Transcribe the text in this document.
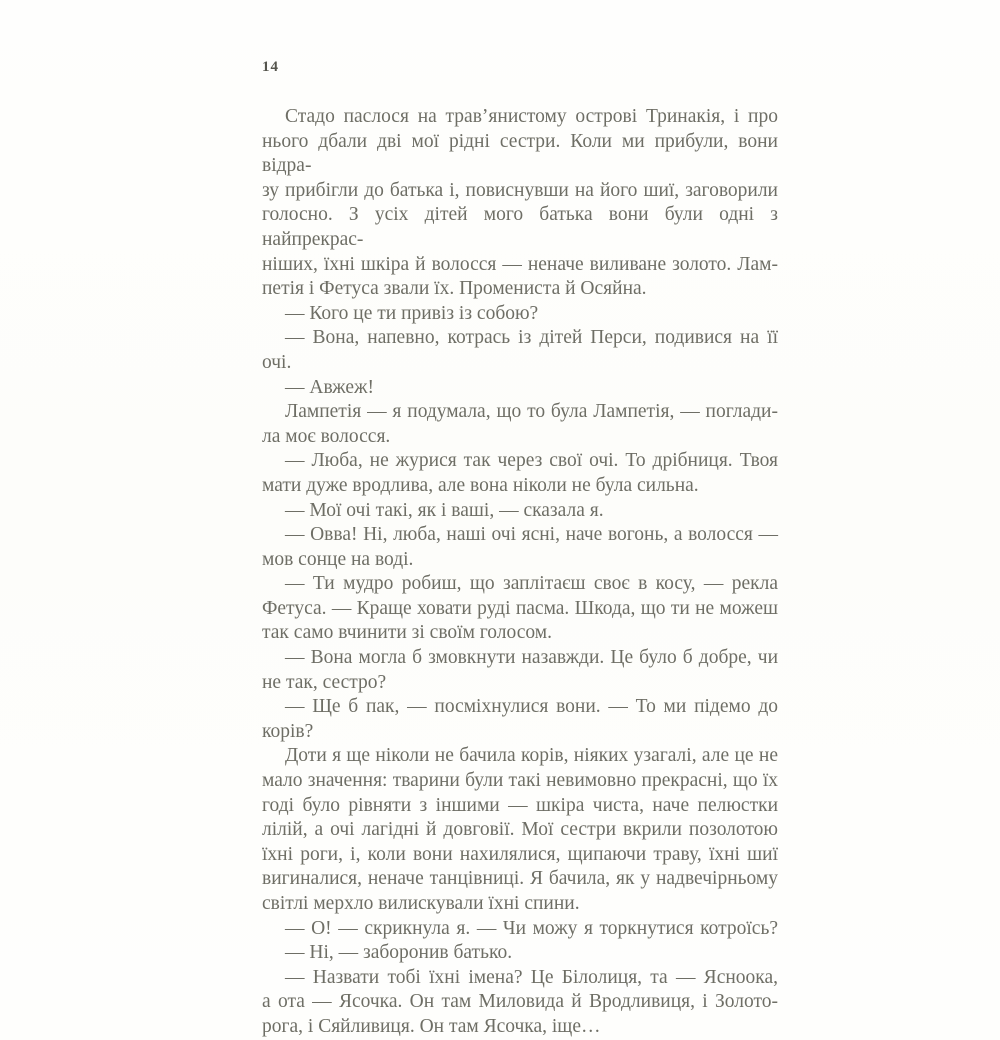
14

Стадо паслося на трав’янистому острові Тринакія, і про
нього дбали дві мої рідні сестри. Коли ми прибули, вони відра-
зу прибігли до батька і, повиснувши на його шиї, заговорили
голосно. З усіх дітей мого батька вони були одні з найпрекрас-
ніших, їхні шкіра й волосся — неначе виливане золото. Лам-
петія і Фетуса звали їх. Промениста й Осяйна.

— Кого це ти привіз із собою?

— Вона, напевно, котрась із дітей Перси, подивися на її очі.

— Авжеж!

Лампетія — я подумала, що то була Лампетія, — поглади-
ла моє волосся.

— Люба, не журися так через свої очі. То дрібниця. Твоя
мати дуже вродлива, але вона ніколи не була сильна.

— Мої очі такі, як і ваші, — сказала я.

— Овва! Ні, люба, наші очі ясні, наче вогонь, а волосся —
мов сонце на воді.

— Ти мудро робиш, що заплітаєш своє в косу, — рекла
Фетуса. — Краще ховати руді пасма. Шкода, що ти не можеш
так само вчинити зі своїм голосом.

— Вона могла б змовкнути назавжди. Це було б добре, чи
не так, сестро?

— Ще б пак, — посміхнулися вони. — То ми підемо до корів?

Доти я ще ніколи не бачила корів, ніяких узагалі, але це не
мало значення: тварини були такі невимовно прекрасні, що їх
годі було рівняти з іншими — шкіра чиста, наче пелюстки
лілій, а очі лагідні й довговії. Мої сестри вкрили позолотою
їхні роги, і, коли вони нахилялися, щипаючи траву, їхні шиї
вигиналися, неначе танцівниці. Я бачила, як у надвечірньому
світлі мерхло вилискували їхні спини.

— О! — скрикнула я. — Чи можу я торкнутися котроїсь?

— Ні, — заборонив батько.

— Назвати тобі їхні імена? Це Білолиця, та — Ясноока,
а ота — Ясочка. Он там Миловида й Вродливиця, і Золото-
рога, і Сяйливиця. Он там Ясочка, іще…
